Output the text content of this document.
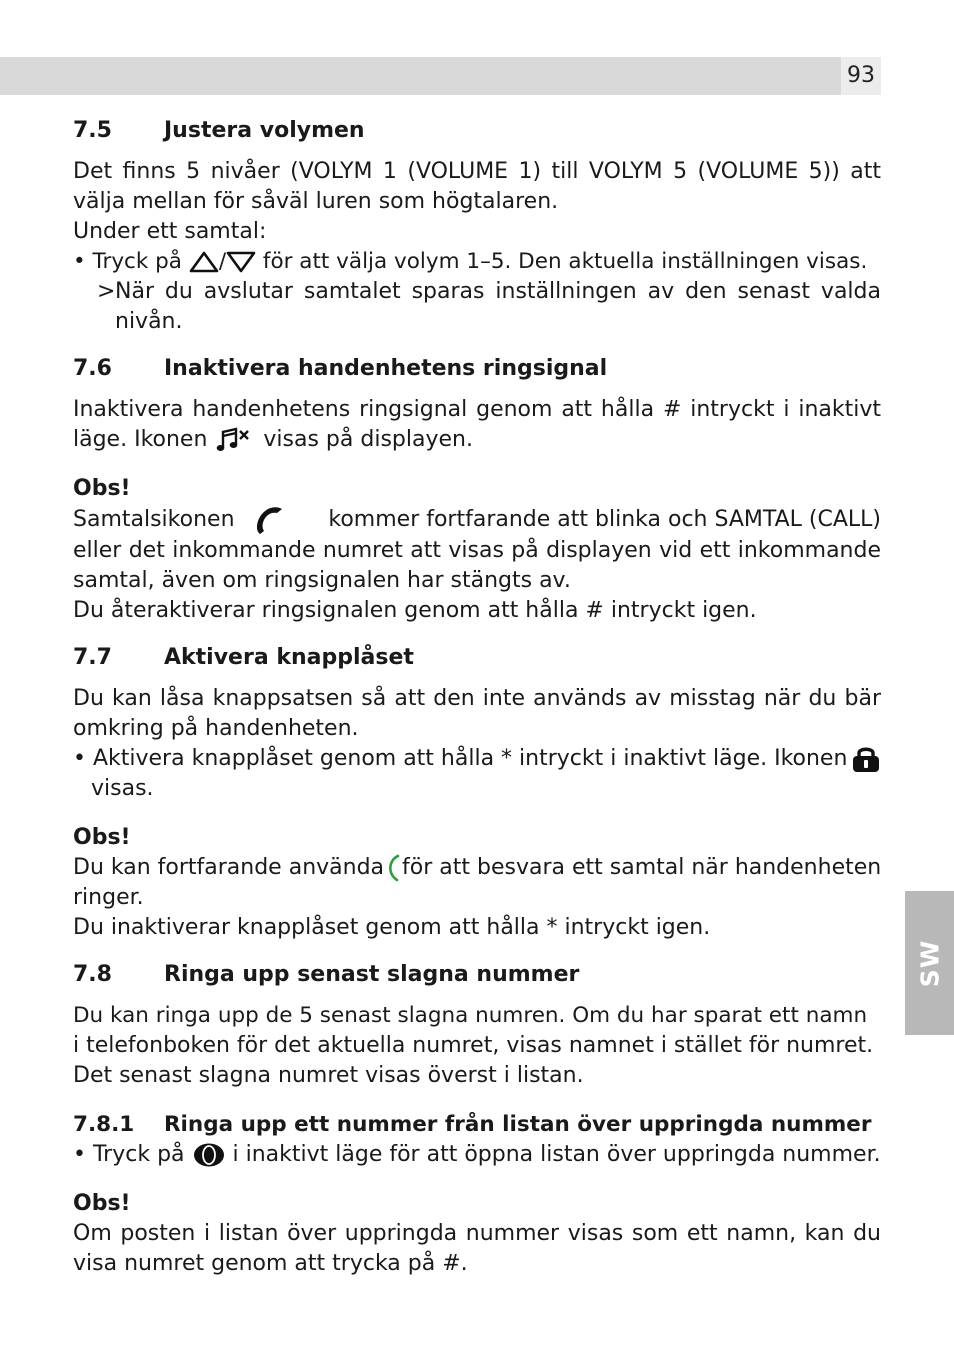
93
SW
7.5	Justera volymen
Det finns 5 nivåer (VOLYM 1 (VOLUME 1) till VOLYM 5 (VOLUME 5)) att
välja mellan för såväl luren som högtalaren.
Under ett samtal:
• Tryck på
/
för att välja volym 1–5. Den aktuella inställningen visas.
> När du avslutar samtalet sparas inställningen av den senast valda
nivån.
7.6	Inaktivera handenhetens ringsignal
Inaktivera handenhetens ringsignal genom att hålla # intryckt i inaktivt
läge. Ikonen
visas på displayen.
Obs!
Samtalsikonen	kommer fortfarande att blinka och SAMTAL (CALL)
eller det inkommande numret att visas på displayen vid ett inkommande
samtal, även om ringsignalen har stängts av.
Du återaktiverar ringsignalen genom att hålla # intryckt igen.
7.7	Aktivera knapplåset
Du kan låsa knappsatsen så att den inte används av misstag när du bär
omkring på handenheten.
• Aktivera knapplåset genom att hålla * intryckt i inaktivt läge. Ikonen
visas.
Obs!
Du kan fortfarande använda för att besvara ett samtal när handenheten
ringer.
Du inaktiverar knapplåset genom att hålla * intryckt igen.
7.8	Ringa upp senast slagna nummer
Du kan ringa upp de 5 senast slagna numren. Om du har sparat ett namn
i telefonboken för det aktuella numret, visas namnet i stället för numret.
Det senast slagna numret visas överst i listan.
7.8.1	Ringa upp ett nummer från listan över uppringda nummer
• Tryck på
i inaktivt läge för att öppna listan över uppringda nummer.
Obs!
Om posten i listan över uppringda nummer visas som ett namn, kan du
visa numret genom att trycka på #.
